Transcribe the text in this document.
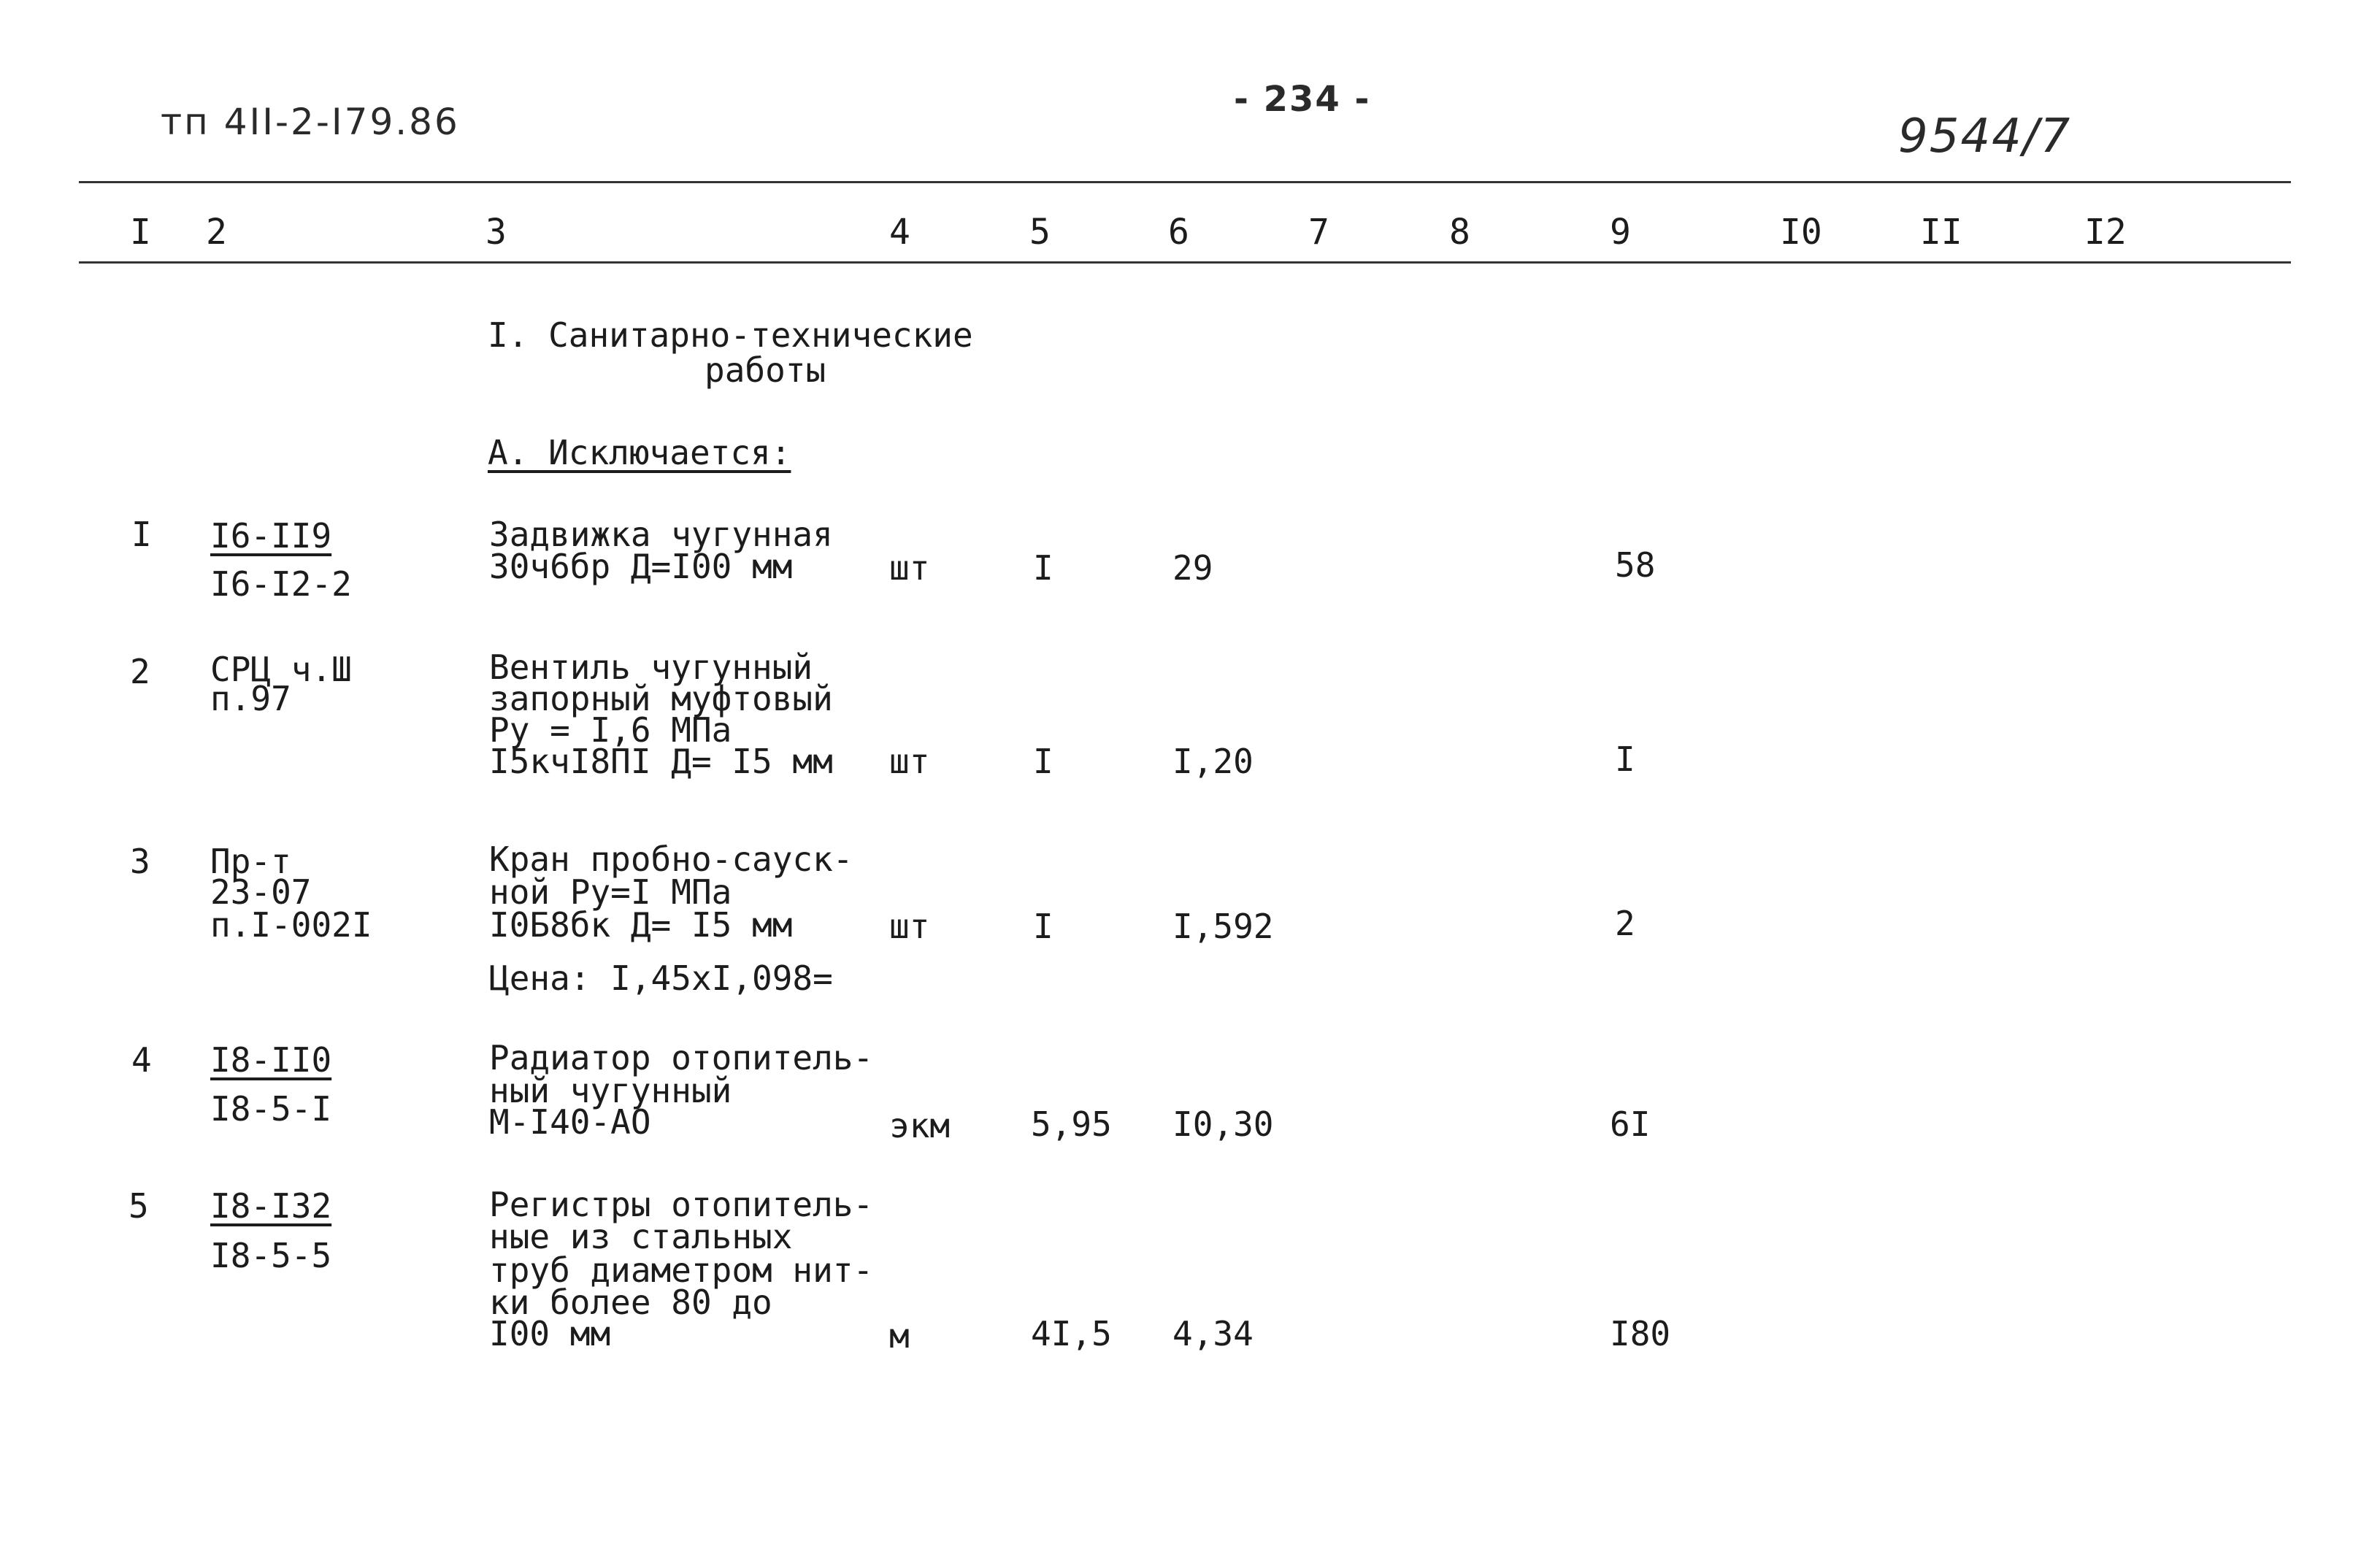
тп 4II-2-I79.86
- 234 -
9544/7
I 2	3	4	5	6	7	8	9	I0	II	I2
I. Санитарно-технические
работы
А. Исключается:
I I6-II9
I6-I2-2
Задвижка чугунная
30ч6бр Д=I00 мм	шт	I	29	58
2 СРЦ ч.Ш
п.97
Вентиль чугунный
запорный муфтовый
Ру = I,6 МПа
I5кчI8ПI Д= I5 мм шт	I	I,20	I
3 Пр-т
23-07
п.I-002I
Кран пробно-сауск-
ной Ру=I МПа
I0Б8бк Д= I5 мм
Цена: I,45хI,098=
шт	I	I,592	2
4 I8-II0
I8-5-I
Радиатор отопитель-
ный чугунный
М-I40-АО	экм 5,95 I0,30	6I
5 I8-I32
I8-5-5
Регистры отопитель-
ные из стальных
труб диаметром нит-
ки более 80 до
I00 мм	м	4I,5 4,34	I80
